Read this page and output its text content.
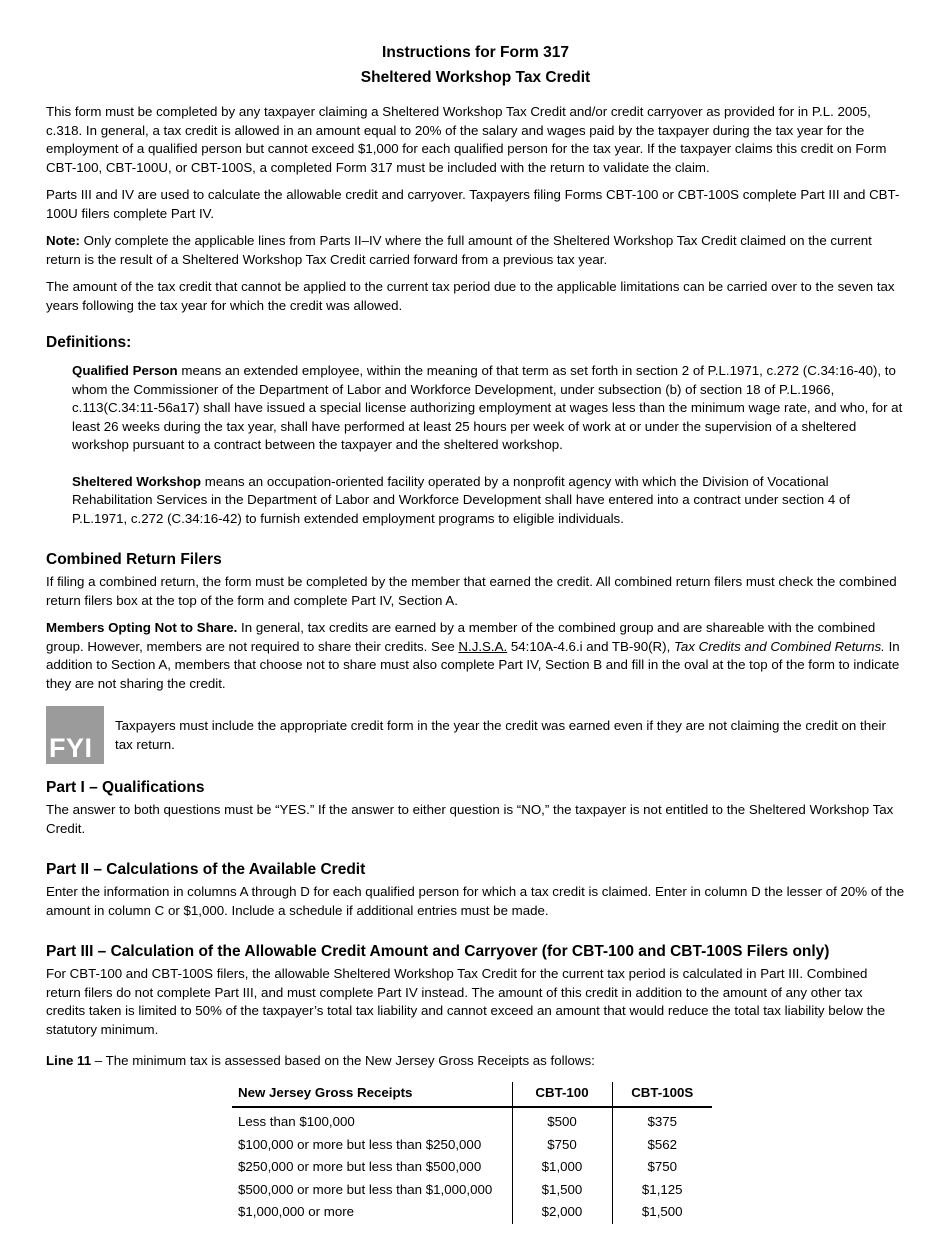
Instructions for Form 317
Sheltered Workshop Tax Credit

This form must be completed by any taxpayer claiming a Sheltered Workshop Tax Credit and/or credit carryover as provided for in P.L. 2005, c.318. In general, a tax credit is allowed in an amount equal to 20% of the salary and wages paid by the taxpayer during the tax year for the employment of a qualified person but cannot exceed $1,000 for each qualified person for the tax year. If the taxpayer claims this credit on Form CBT-100, CBT-100U, or CBT-100S, a completed Form 317 must be included with the return to validate the claim.

Parts III and IV are used to calculate the allowable credit and carryover. Taxpayers filing Forms CBT-100 or CBT-100S complete Part III and CBT-100U filers complete Part IV.

Note: Only complete the applicable lines from Parts II–IV where the full amount of the Sheltered Workshop Tax Credit claimed on the current return is the result of a Sheltered Workshop Tax Credit carried forward from a previous tax year.

The amount of the tax credit that cannot be applied to the current tax period due to the applicable limitations can be carried over to the seven tax years following the tax year for which the credit was allowed.

Definitions:

Qualified Person means an extended employee, within the meaning of that term as set forth in section 2 of P.L.1971, c.272 (C.34:16-40), to whom the Commissioner of the Department of Labor and Workforce Development, under subsection (b) of section 18 of P.L.1966, c.113(C.34:11-56a17) shall have issued a special license authorizing employment at wages less than the minimum wage rate, and who, for at least 26 weeks during the tax year, shall have performed at least 25 hours per week of work at or under the supervision of a sheltered workshop pursuant to a contract between the taxpayer and the sheltered workshop.

Sheltered Workshop means an occupation-oriented facility operated by a nonprofit agency with which the Division of Vocational Rehabilitation Services in the Department of Labor and Workforce Development shall have entered into a contract under section 4 of P.L.1971, c.272 (C.34:16-42) to furnish extended employment programs to eligible individuals.

Combined Return Filers

If filing a combined return, the form must be completed by the member that earned the credit. All combined return filers must check the combined return filers box at the top of the form and complete Part IV, Section A.

Members Opting Not to Share. In general, tax credits are earned by a member of the combined group and are shareable with the combined group. However, members are not required to share their credits. See N.J.S.A. 54:10A-4.6.i and TB-90(R), Tax Credits and Combined Returns. In addition to Section A, members that choose not to share must also complete Part IV, Section B and fill in the oval at the top of the form to indicate they are not sharing the credit.

FYI

Taxpayers must include the appropriate credit form in the year the credit was earned even if they are not claiming the credit on their tax return.

Part I – Qualifications

The answer to both questions must be “YES.” If the answer to either question is “NO,” the taxpayer is not entitled to the Sheltered Workshop Tax Credit.

Part II – Calculations of the Available Credit

Enter the information in columns A through D for each qualified person for which a tax credit is claimed. Enter in column D the lesser of 20% of the amount in column C or $1,000. Include a schedule if additional entries must be made.

Part III – Calculation of the Allowable Credit Amount and Carryover (for CBT-100 and CBT-100S Filers only)

For CBT-100 and CBT-100S filers, the allowable Sheltered Workshop Tax Credit for the current tax period is calculated in Part III. Combined return filers do not complete Part III, and must complete Part IV instead. The amount of this credit in addition to the amount of any other tax credits taken is limited to 50% of the taxpayer’s total tax liability and cannot exceed an amount that would reduce the total tax liability below the statutory minimum.

Line 11 – The minimum tax is assessed based on the New Jersey Gross Receipts as follows:

New Jersey Gross Receipts	CBT-100	CBT-100S
Less than $100,000	$500	$375
$100,000 or more but less than $250,000	$750	$562
$250,000 or more but less than $500,000	$1,000	$750
$500,000 or more but less than $1,000,000	$1,500	$1,125
$1,000,000 or more	$2,000	$1,500
